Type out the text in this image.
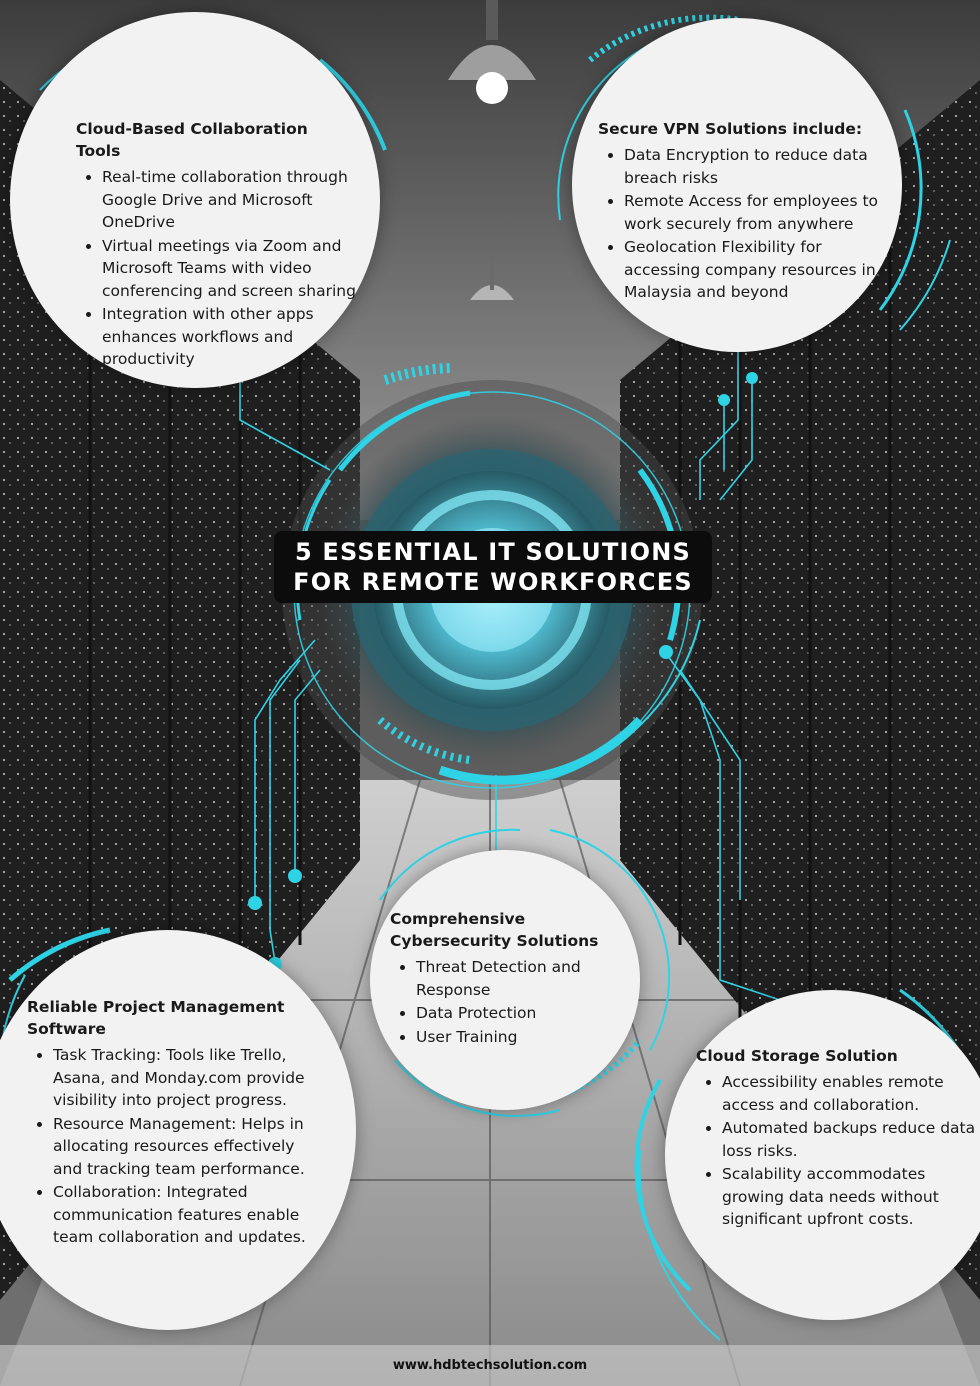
Cloud-Based Collaboration Tools
• Real-time collaboration through Google Drive and Microsoft OneDrive
• Virtual meetings via Zoom and Microsoft Teams with video conferencing and screen sharing
• Integration with other apps enhances workflows and productivity
Secure VPN Solutions include:
• Data Encryption to reduce data breach risks
• Remote Access for employees to work securely from anywhere
• Geolocation Flexibility for accessing company resources in Malaysia and beyond
5 ESSENTIAL IT SOLUTIONS
FOR REMOTE WORKFORCES
Comprehensive Cybersecurity Solutions
• Threat Detection and Response
• Data Protection
• User Training
Reliable Project Management Software
• Task Tracking: Tools like Trello, Asana, and Monday.com provide visibility into project progress.
• Resource Management: Helps in allocating resources effectively and tracking team performance.
• Collaboration: Integrated communication features enable team collaboration and updates.
Cloud Storage Solution
• Accessibility enables remote access and collaboration.
• Automated backups reduce data loss risks.
• Scalability accommodates growing data needs without significant upfront costs.
www.hdbtechsolution.com
